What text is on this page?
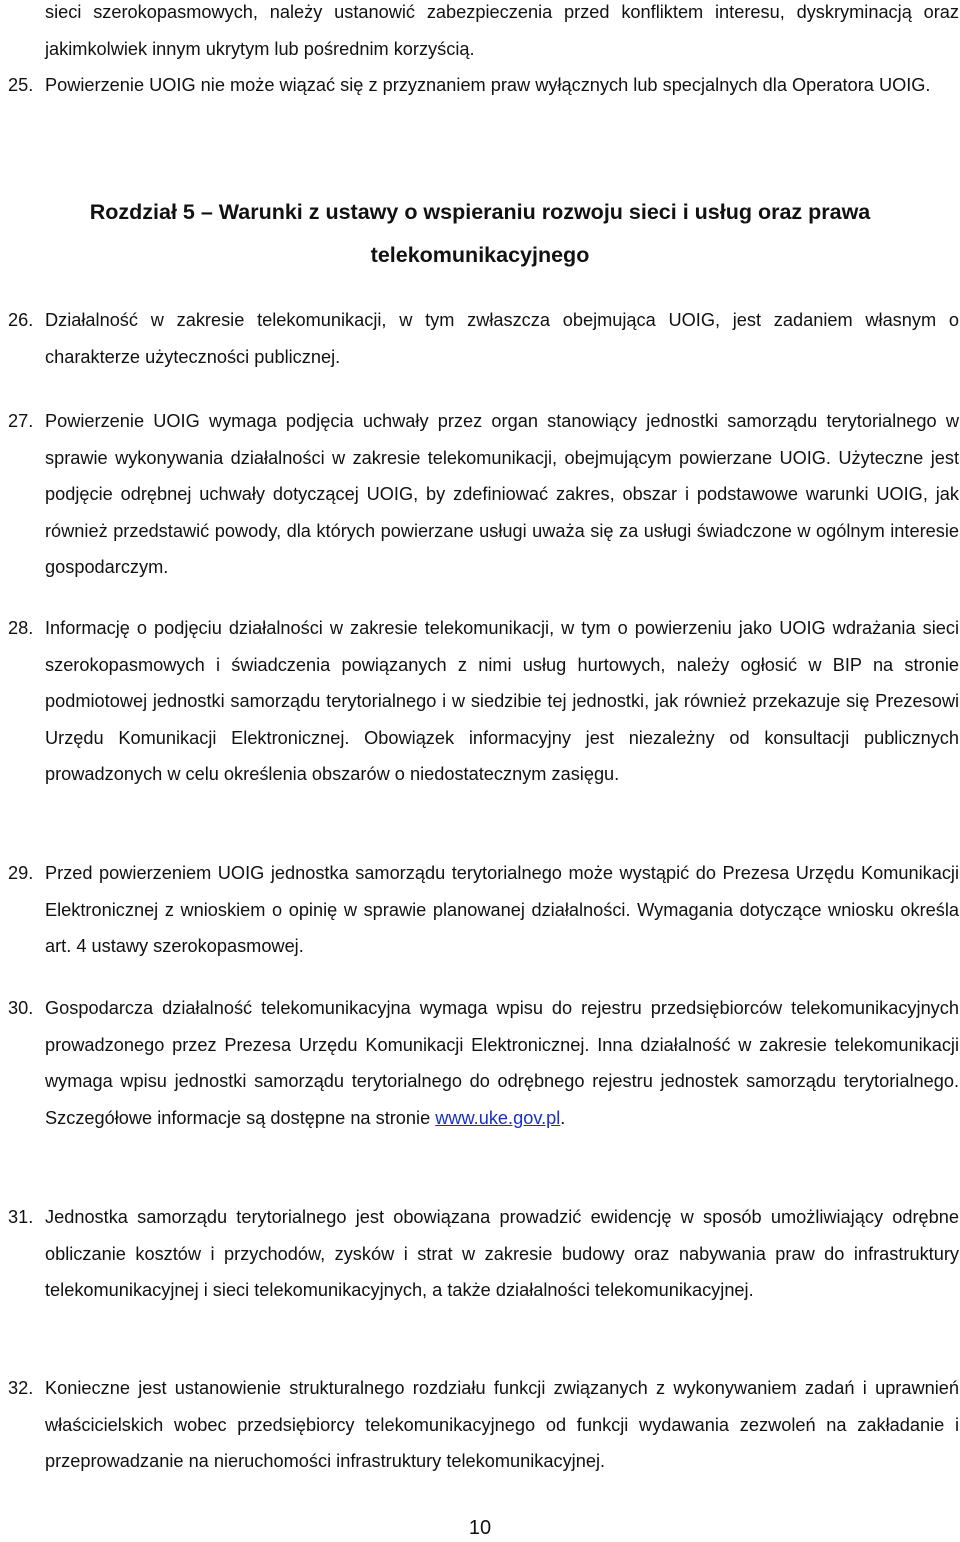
sieci szerokopasmowych, należy ustanowić zabezpieczenia przed konfliktem interesu, dyskryminacją oraz jakimkolwiek innym ukrytym lub pośrednim korzyścią.

25. Powierzenie UOIG nie może wiązać się z przyznaniem praw wyłącznych lub specjalnych dla Operatora UOIG.
Rozdział 5 – Warunki z ustawy o wspieraniu rozwoju sieci i usług oraz prawa telekomunikacyjnego
26. Działalność w zakresie telekomunikacji, w tym zwłaszcza obejmująca UOIG, jest zadaniem własnym o charakterze użyteczności publicznej.
27. Powierzenie UOIG wymaga podjęcia uchwały przez organ stanowiący jednostki samorządu terytorialnego w sprawie wykonywania działalności w zakresie telekomunikacji, obejmującym powierzane UOIG. Użyteczne jest podjęcie odrębnej uchwały dotyczącej UOIG, by zdefiniować zakres, obszar i podstawowe warunki UOIG, jak również przedstawić powody, dla których powierzane usługi uważa się za usługi świadczone w ogólnym interesie gospodarczym.
28. Informację o podjęciu działalności w zakresie telekomunikacji, w tym o powierzeniu jako UOIG wdrażania sieci szerokopasmowych i świadczenia powiązanych z nimi usług hurtowych, należy ogłosić w BIP na stronie podmiotowej jednostki samorządu terytorialnego i w siedzibie tej jednostki, jak również przekazuje się Prezesowi Urzędu Komunikacji Elektronicznej. Obowiązek informacyjny jest niezależny od konsultacji publicznych prowadzonych w celu określenia obszarów o niedostatecznym zasięgu.
29. Przed powierzeniem UOIG jednostka samorządu terytorialnego może wystąpić do Prezesa Urzędu Komunikacji Elektronicznej z wnioskiem o opinię w sprawie planowanej działalności. Wymagania dotyczące wniosku określa art. 4 ustawy szerokopasmowej.
30. Gospodarcza działalność telekomunikacyjna wymaga wpisu do rejestru przedsiębiorców telekomunikacyjnych prowadzonego przez Prezesa Urzędu Komunikacji Elektronicznej. Inna działalność w zakresie telekomunikacji wymaga wpisu jednostki samorządu terytorialnego do odrębnego rejestru jednostek samorządu terytorialnego. Szczegółowe informacje są dostępne na stronie www.uke.gov.pl.
31. Jednostka samorządu terytorialnego jest obowiązana prowadzić ewidencję w sposób umożliwiający odrębne obliczanie kosztów i przychodów, zysków i strat w zakresie budowy oraz nabywania praw do infrastruktury telekomunikacyjnej i sieci telekomunikacyjnych, a także działalności telekomunikacyjnej.
32. Konieczne jest ustanowienie strukturalnego rozdziału funkcji związanych z wykonywaniem zadań i uprawnień właścicielskich wobec przedsiębiorcy telekomunikacyjnego od funkcji wydawania zezwoleń na zakładanie i przeprowadzanie na nieruchomości infrastruktury telekomunikacyjnej.
10
